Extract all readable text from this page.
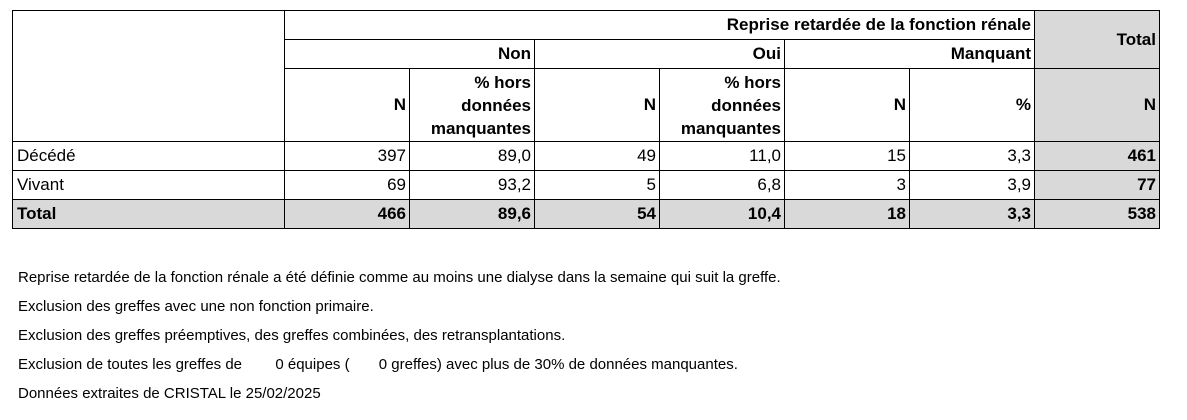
	Reprise retardée de la fonction rénale						Total
	Non		Oui		Manquant		
	N	% hors données manquantes	N	% hors données manquantes	N	%	N
Décédé	397	89,0	49	11,0	15	3,3	461
Vivant	69	93,2	5	6,8	3	3,9	77
Total	466	89,6	54	10,4	18	3,3	538
Reprise retardée de la fonction rénale a été définie comme au moins une dialyse dans la semaine qui suit la greffe.
Exclusion des greffes avec une non fonction primaire.
Exclusion des greffes préemptives, des greffes combinées, des retransplantations.
Exclusion de toutes les greffes de        0 équipes (       0 greffes) avec plus de 30% de données manquantes.
Données extraites de CRISTAL le 25/02/2025
